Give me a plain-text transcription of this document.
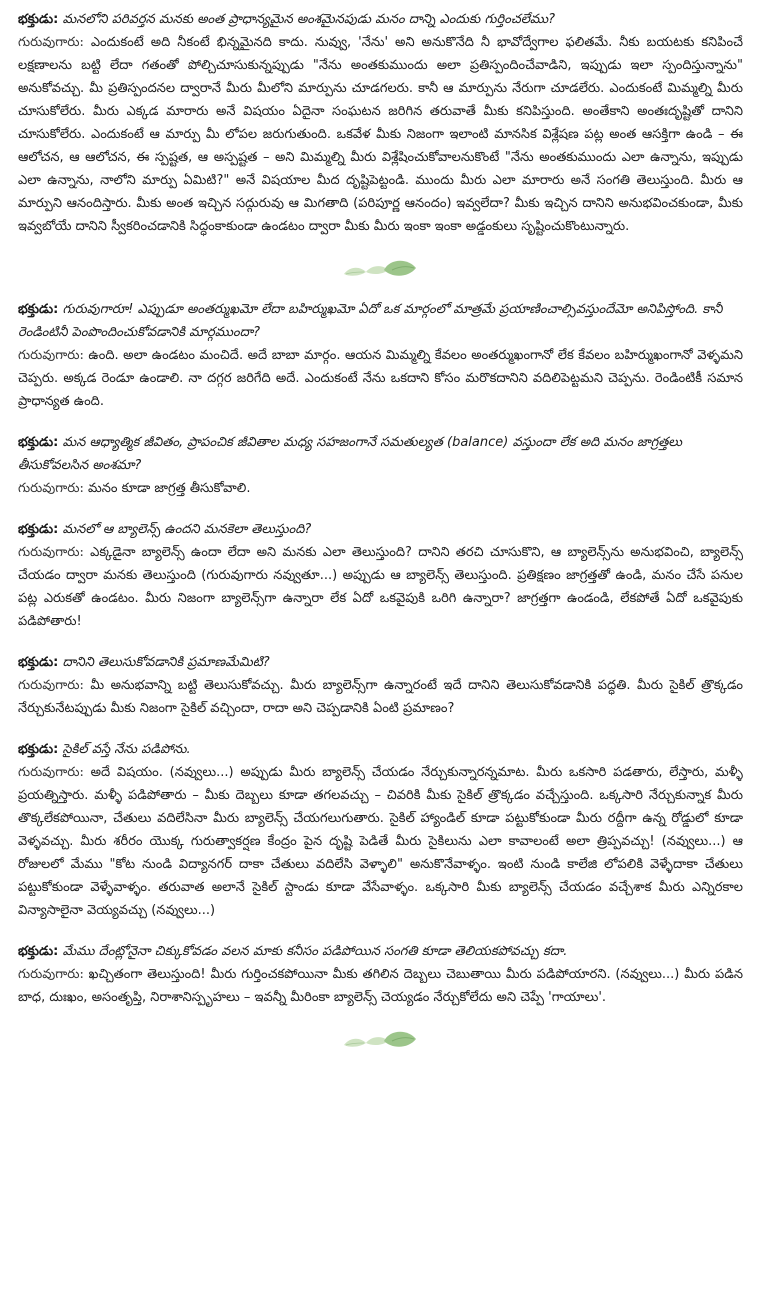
భక్తుడు: మనలోని పరివర్తన మనకు అంత ప్రాధాన్యమైన అంశమైనపుడు మనం దాన్ని ఎందుకు గుర్తించలేము?

గురువుగారు: ఎందుకంటే అది నీకంటే భిన్నమైనది కాదు. నువ్వు, 'నేను' అని అనుకొనేది నీ భావోద్వేగాల ఫలితమే. నీకు బయటకు కనిపించే లక్షణాలను బట్టి లేదా గతంతో పోల్చిచూసుకున్నప్పుడు "నేను అంతకుముందు అలా ప్రతిస్పందించేవాడిని, ఇప్పుడు ఇలా స్పందిస్తున్నాను" అనుకోవచ్చు. మీ ప్రతిస్పందనల ద్వారానే మీరు మీలోని మార్పును చూడగలరు. కానీ ఆ మార్పును నేరుగా చూడలేరు. ఎందుకంటే మిమ్మల్ని మీరు చూసుకోలేరు. మీరు ఎక్కడ మారారు అనే విషయం ఏదైనా సంఘటన జరిగిన తరువాతే మీకు కనిపిస్తుంది. అంతేకాని అంతఃదృష్టితో దానిని చూసుకోలేరు. ఎందుకంటే ఆ మార్పు మీ లోపల జరుగుతుంది. ఒకవేళ మీకు నిజంగా ఇలాంటి మానసిక విశ్లేషణ పట్ల అంత ఆసక్తిగా ఉండి – ఈ ఆలోచన, ఆ ఆలోచన, ఈ స్పష్టత, ఆ అస్పష్టత – అని మిమ్మల్ని మీరు విశ్లేషించుకోవాలనుకొంటే "నేను అంతకుముందు ఎలా ఉన్నాను, ఇప్పుడు ఎలా ఉన్నాను, నాలోని మార్పు ఏమిటి?" అనే విషయాల మీద దృష్టిపెట్టండి. ముందు మీరు ఎలా మారారు అనే సంగతి తెలుస్తుంది. మీరు ఆ మార్పుని ఆనందిస్తారు. మీకు అంత ఇచ్చిన సద్గురువు ఆ మిగతాది (పరిపూర్ణ ఆనందం) ఇవ్వలేదా? మీకు ఇచ్చిన దానిని అనుభవించకుండా, మీకు ఇవ్వబోయే దానిని స్వీకరించడానికి సిద్ధంకాకుండా ఉండటం ద్వారా మీకు మీరు ఇంకా ఇంకా అడ్డంకులు సృష్టించుకొంటున్నారు.

భక్తుడు: గురువుగారూ! ఎప్పుడూ అంతర్ముఖమో లేదా బహిర్ముఖమో ఏదో ఒక మార్గంలో మాత్రమే ప్రయాణించాల్సివస్తుందేమో అనిపిస్తోంది. కానీ రెండింటినీ పెంపొందించుకోవడానికి మార్గముందా?

గురువుగారు: ఉంది. అలా ఉండటం మంచిదే. అదే బాబా మార్గం. ఆయన మిమ్మల్ని కేవలం అంతర్ముఖంగానో లేక కేవలం బహిర్ముఖంగానో వెళ్ళమని చెప్పరు. అక్కడ రెండూ ఉండాలి. నా దగ్గర జరిగేది అదే. ఎందుకంటే నేను ఒకదాని కోసం మరొకదానిని వదిలిపెట్టమని చెప్పను. రెండింటికీ సమాన ప్రాధాన్యత ఉంది.

భక్తుడు: మన ఆధ్యాత్మిక జీవితం, ప్రాపంచిక జీవితాల మధ్య సహజంగానే సమతుల్యత (balance) వస్తుందా లేక అది మనం జాగ్రత్తలు తీసుకోవలసిన అంశమా?

గురువుగారు: మనం కూడా జాగ్రత్త తీసుకోవాలి.

భక్తుడు: మనలో ఆ బ్యాలెన్స్ ఉందని మనకెలా తెలుస్తుంది?

గురువుగారు: ఎక్కడైనా బ్యాలెన్స్ ఉందా లేదా అని మనకు ఎలా తెలుస్తుంది? దానిని తరచి చూసుకొని, ఆ బ్యాలెన్స్‌ను అనుభవించి, బ్యాలెన్స్ చేయడం ద్వారా మనకు తెలుస్తుంది (గురువుగారు నవ్వుతూ...) అప్పుడు ఆ బ్యాలెన్స్ తెలుస్తుంది. ప్రతిక్షణం జాగ్రత్తతో ఉండి, మనం చేసే పనుల పట్ల ఎరుకతో ఉండటం. మీరు నిజంగా బ్యాలెన్స్‌గా ఉన్నారా లేక ఏదో ఒకవైపుకి ఒరిగి ఉన్నారా? జాగ్రత్తగా ఉండండి, లేకపోతే ఏదో ఒకవైపుకు పడిపోతారు!

భక్తుడు: దానిని తెలుసుకోవడానికి ప్రమాణమేమిటి?

గురువుగారు: మీ అనుభవాన్ని బట్టి తెలుసుకోవచ్చు. మీరు బ్యాలెన్స్‌గా ఉన్నారంటే ఇదే దానిని తెలుసుకోవడానికి పద్ధతి. మీరు సైకిల్ త్రొక్కడం నేర్చుకునేటప్పుడు మీకు నిజంగా సైకిల్ వచ్చిందా, రాదా అని చెప్పడానికి ఏంటి ప్రమాణం?

భక్తుడు: సైకిల్ వస్తే నేను పడిపోను.

గురువుగారు: అదే విషయం. (నవ్వులు...) అప్పుడు మీరు బ్యాలెన్స్ చేయడం నేర్చుకున్నారన్నమాట. మీరు ఒకసారి పడతారు, లేస్తారు, మళ్ళీ ప్రయత్నిస్తారు. మళ్ళీ పడిపోతారు – మీకు దెబ్బలు కూడా తగలవచ్చు – చివరికి మీకు సైకిల్ త్రొక్కడం వచ్చేస్తుంది. ఒక్కసారి నేర్చుకున్నాక మీరు తొక్కలేకపోయినా, చేతులు వదిలేసినా మీరు బ్యాలెన్స్ చేయగలుగుతారు. సైకిల్ హ్యాండిల్ కూడా పట్టుకోకుండా మీరు రద్దీగా ఉన్న రోడ్డులో కూడా వెళ్ళవచ్చు. మీరు శరీరం యొక్క గురుత్వాకర్షణ కేంద్రం పైన దృష్టి పెడితే మీరు సైకిలును ఎలా కావాలంటే అలా త్రిప్పవచ్చు! (నవ్వులు...) ఆ రోజులలో మేము "కోట నుండి విద్యానగర్ దాకా చేతులు వదిలేసి వెళ్ళాలి" అనుకొనేవాళ్ళం. ఇంటి నుండి కాలేజి లోపలికి వెళ్ళేదాకా చేతులు పట్టుకోకుండా వెళ్ళేవాళ్ళం. తరువాత అలానే సైకిల్ స్టాండు కూడా వేసేవాళ్ళం. ఒక్కసారి మీకు బ్యాలెన్స్ చేయడం వచ్చేశాక మీరు ఎన్నిరకాల విన్యాసాలైనా వెయ్యవచ్చు (నవ్వులు...)

భక్తుడు: మేము దేంట్లోనైనా చిక్కుకోవడం వలన మాకు కనీసం పడిపోయిన సంగతి కూడా తెలియకపోవచ్చు కదా.

గురువుగారు: ఖచ్చితంగా తెలుస్తుంది! మీరు గుర్తించకపోయినా మీకు తగిలిన దెబ్బలు చెబుతాయి మీరు పడిపోయారని. (నవ్వులు...) మీరు పడిన బాధ, దుఃఖం, అసంతృప్తి, నిరాశానిస్పృహలు – ఇవన్నీ మీరింకా బ్యాలెన్స్ చెయ్యడం నేర్చుకోలేదు అని చెప్పే 'గాయాలు'.
